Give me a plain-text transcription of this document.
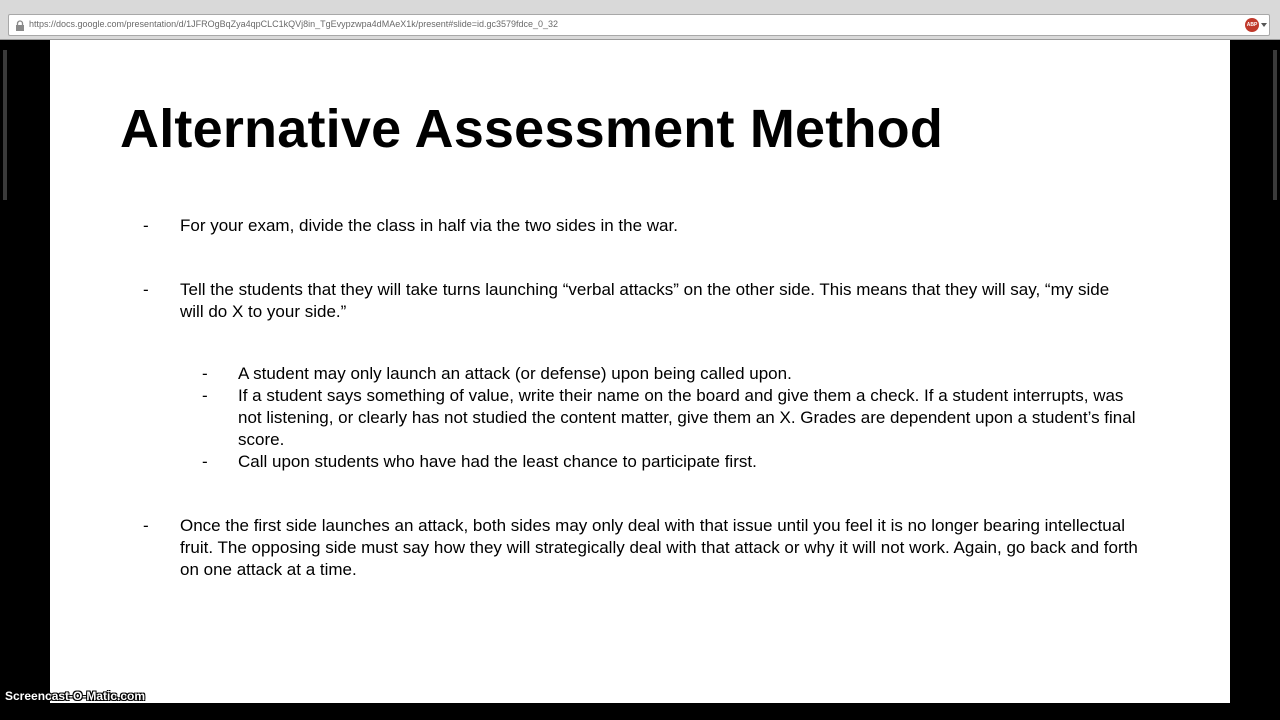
https://docs.google.com/presentation/d/1JFROgBqZya4qpCLC1kQVj8in_TgEvypzwpa4dMAeX1k/present#slide=id.gc3579fdce_0_32	ABP
Alternative Assessment Method
- For your exam, divide the class in half via the two sides in the war.
- Tell the students that they will take turns launching “verbal attacks” on the other side. This means that they will say, “my side will do X to your side.”
- A student may only launch an attack (or defense) upon being called upon.
- If a student says something of value, write their name on the board and give them a check. If a student interrupts, was not listening, or clearly has not studied the content matter, give them an X. Grades are dependent upon a student’s final score.
- Call upon students who have had the least chance to participate first.
- Once the first side launches an attack, both sides may only deal with that issue until you feel it is no longer bearing intellectual fruit. The opposing side must say how they will strategically deal with that attack or why it will not work. Again, go back and forth on one attack at a time.
Screencast-O-Matic.com
